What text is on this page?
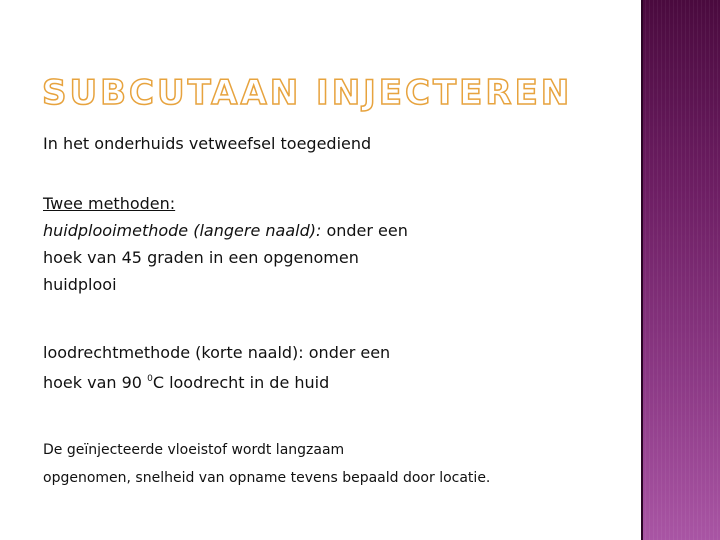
SUBCUTAAN INJECTEREN

In het onderhuids vetweefsel toegediend

Twee methoden:

huidplooimethode (langere naald): onder een

hoek van 45 graden in een opgenomen

huidplooi

loodrechtmethode (korte naald): onder een

hoek van 90 $^0$C loodrecht in de huid

De geïnjecteerde vloeistof wordt langzaam

opgenomen, snelheid van opname tevens bepaald door locatie.
